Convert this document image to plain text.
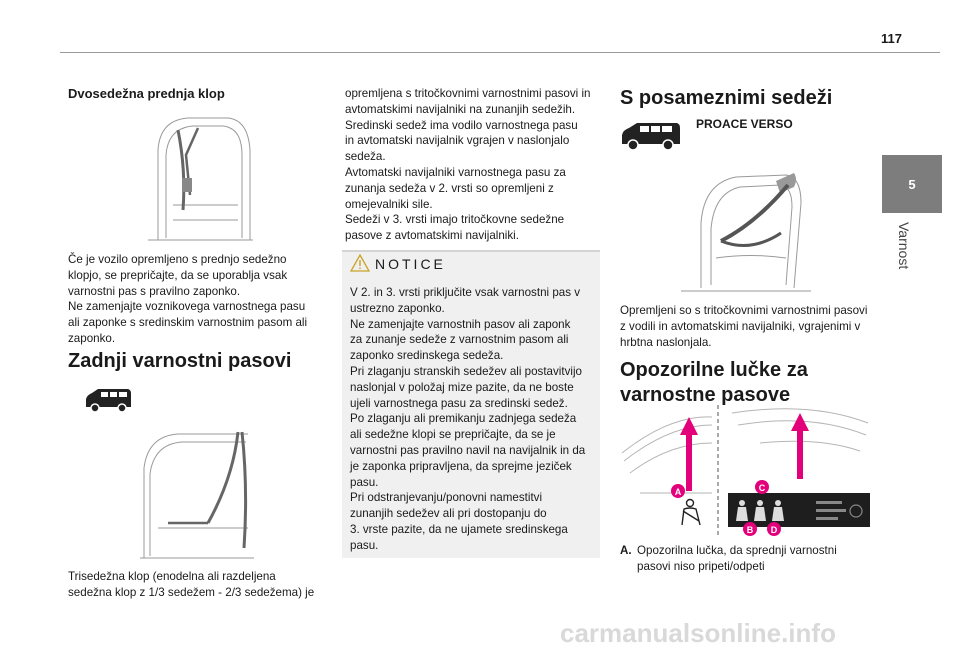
117
5
Varnost

Dvosedežna prednja klop

Če je vozilo opremljeno s prednjo sedežno
klopjo, se prepričajte, da se uporablja vsak
varnostni pas s pravilno zaponko.
Ne zamenjajte voznikovega varnostnega pasu
ali zaponke s sredinskim varnostnim pasom ali
zaponko.

Zadnji varnostni pasovi

Trisedežna klop (enodelna ali razdeljena
sedežna klop z 1/3 sedežem - 2/3 sedežema) je

opremljena s tritočkovnimi varnostnimi pasovi in
avtomatskimi navijalniki na zunanjih sedežih.
Sredinski sedež ima vodilo varnostnega pasu
in avtomatski navijalnik vgrajen v naslonjalo
sedeža.
Avtomatski navijalniki varnostnega pasu za
zunanja sedeža v 2. vrsti so opremljeni z
omejevalniki sile.
Sedeži v 3. vrsti imajo tritočkovne sedežne
pasove z avtomatskimi navijalniki.

NOTICE

V 2. in 3. vrsti priključite vsak varnostni pas v
ustrezno zaponko.
Ne zamenjajte varnostnih pasov ali zaponk
za zunanje sedeže z varnostnim pasom ali
zaponko sredinskega sedeža.
Pri zlaganju stranskih sedežev ali postavitvijo
naslonjal v položaj mize pazite, da ne boste
ujeli varnostnega pasu za sredinski sedež.
Po zlaganju ali premikanju zadnjega sedeža
ali sedežne klopi se prepričajte, da se je
varnostni pas pravilno navil na navijalnik in da
je zaponka pripravljena, da sprejme jeziček
pasu.
Pri odstranjevanju/ponovni namestitvi
zunanjih sedežev ali pri dostopanju do
3. vrste pazite, da ne ujamete sredinskega
pasu.

S posameznimi sedeži

PROACE VERSO

Opremljeni so s tritočkovnimi varnostnimi pasovi
z vodili in avtomatskimi navijalniki, vgrajenimi v
hrbtna naslonjala.

Opozorilne lučke za
varnostne pasove

A	C
B D

A. Opozorilna lučka, da sprednji varnostni
pasovi niso pripeti/odpeti

carmanualsonline.info
